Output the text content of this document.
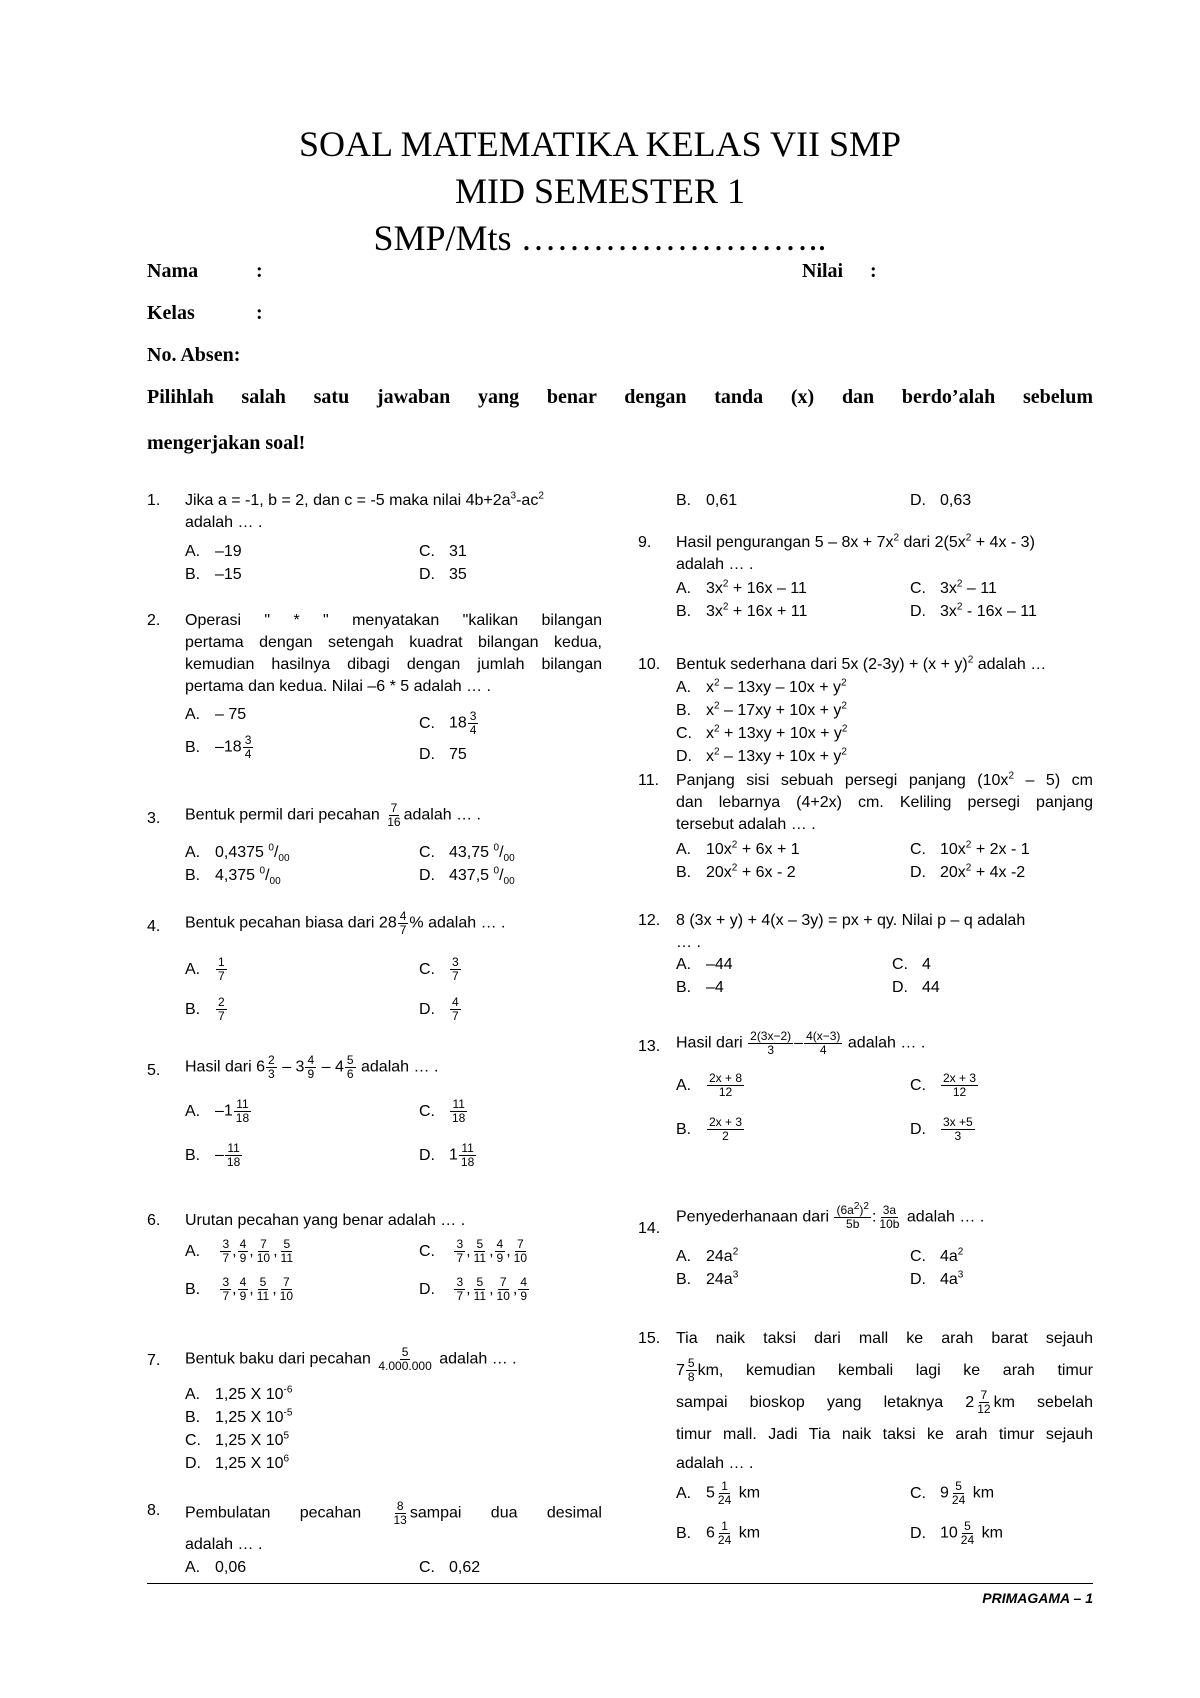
SOAL MATEMATIKA KELAS VII SMP
MID SEMESTER 1
SMP/Mts ……………………..
Nama	:	Nilai :
Kelas	:
No. Absen:
Pilihlah salah satu jawaban yang benar dengan tanda (x) dan berdo’alah sebelum
mengerjakan soal!
1. Jika a = -1, b = 2, dan c = -5 maka nilai $4b+2a^3-ac^2$
adalah … .
A. –19
B. –15
C. 31
D. 35
2. Operasi " * " menyatakan "kalikan bilangan
pertama dengan setengah kuadrat bilangan kedua,
kemudian hasilnya dibagi dengan jumlah bilangan
pertama dan kedua. Nilai –6 * 5 adalah … .
A. – 75
B. $-18 \frac{3}{4}$
C. $18 \frac{3}{4}$
D. 75
3. Bentuk permil dari pecahan $\frac{7}{16}$ adalah … .
A. 0,4375 $^0/_{00}$
B. 4,375 $^0/_{00}$
C. 43,75 $^0/_{00}$
D. 437,5 $^0/_{00}$
4. Bentuk pecahan biasa dari $28 \frac{4}{7}$ % adalah … .
A. $\frac{1}{7}$
B. $\frac{2}{7}$
C. $\frac{3}{7}$
D. $\frac{4}{7}$
5. Hasil dari $6 \frac{2}{3} - 3 \frac{4}{9} - 4 \frac{5}{6}$ adalah … .
A. $-1 \frac{11}{18}$
B. – $\frac{11}{18}$
C. $\frac{11}{18}$
D. $1 \frac{11}{18}$
6. Urutan pecahan yang benar adalah … .
A. $\frac{3}{7}$ , $\frac{4}{9}$ , $\frac{7}{10}$ , $\frac{5}{11}$
B. $\frac{3}{7}$ , $\frac{4}{9}$ , $\frac{5}{11}$ , $\frac{7}{10}$
C. $\frac{3}{7}$ , $\frac{5}{11}$ , $\frac{4}{9}$ , $\frac{7}{10}$
D. $\frac{3}{7}$ , $\frac{5}{11}$ , $\frac{7}{10}$ , $\frac{4}{9}$
7. Bentuk baku dari pecahan $\frac{5}{4.000.000}$ adalah … .
A. 1,25 X $10^{-6}$
B. 1,25 X $10^{-5}$
C. 1,25 X $10^5$
D. 1,25 X $10^6$
8. Pembulatan pecahan	$\frac{8}{13}$ sampai dua desimal
adalah … .
A. 0,06	C. 0,62
B. 0,61	D. 0,63
9. Hasil pengurangan $5 - 8x + 7x^2$ dari $2(5x^2 + 4x - 3)$
adalah … .
A. $3x^2 + 16x - 11$
B. $3x^2 + 16x + 11$
C. $3x^2 - 11$
D. $3x^2 - 16x - 11$
10. Bentuk sederhana dari 5x $(2-3y) + (x + y)^2$ adalah …
A. $x^2 - 13xy - 10x + y^2$
B. $x^2 - 17xy + 10x + y^2$
C. $x^2 + 13xy + 10x + y^2$
D. $x^2 - 13xy + 10x + y^2$
11. Panjang sisi sebuah persegi panjang $(10x^2 - 5)$ cm
dan lebarnya (4+2x) cm. Keliling persegi panjang
tersebut adalah … .
A. $10x^2 + 6x + 1$
B. $20x^2 + 6x - 2$
C. $10x^2 + 2x - 1$
D. $20x^2 + 4x$ -2
12. 8 (3x + y) + 4(x – 3y) = px + qy. Nilai p – q adalah
… .
A. –44
B. –4
C. 4
D. 44
13. Hasil dari $\frac{2(3x-2)}{3} - \frac{4(x-3)}{4}$ adalah … .
A. $\frac{2x + 8}{12}$
B. $\frac{2x + 3}{2}$
C. $\frac{2x + 3}{12}$
D. $\frac{3x +5}{3}$
14.
Penyederhanaan dari $\frac{(6a^2)^2}{5b}$ : $\frac{3a}{10b}$ adalah … .
A. $24a^2$
B. $24a^3$
C. $4a^2$
D. $4a^3$
15. Tia naik taksi dari mall ke arah barat sejauh
$7 \frac{5}{8}$ km, kemudian kembali lagi ke arah timur
sampai bioskop yang letaknya $2 \frac{7}{12}$ km sebelah
timur mall. Jadi Tia naik taksi ke arah timur sejauh
adalah … .
A. $5 \frac{1}{24}$ km
B. $6 \frac{1}{24}$ km
C. $9 \frac{5}{24}$ km
D. $10 \frac{5}{24}$ km
PRIMAGAMA – 1
